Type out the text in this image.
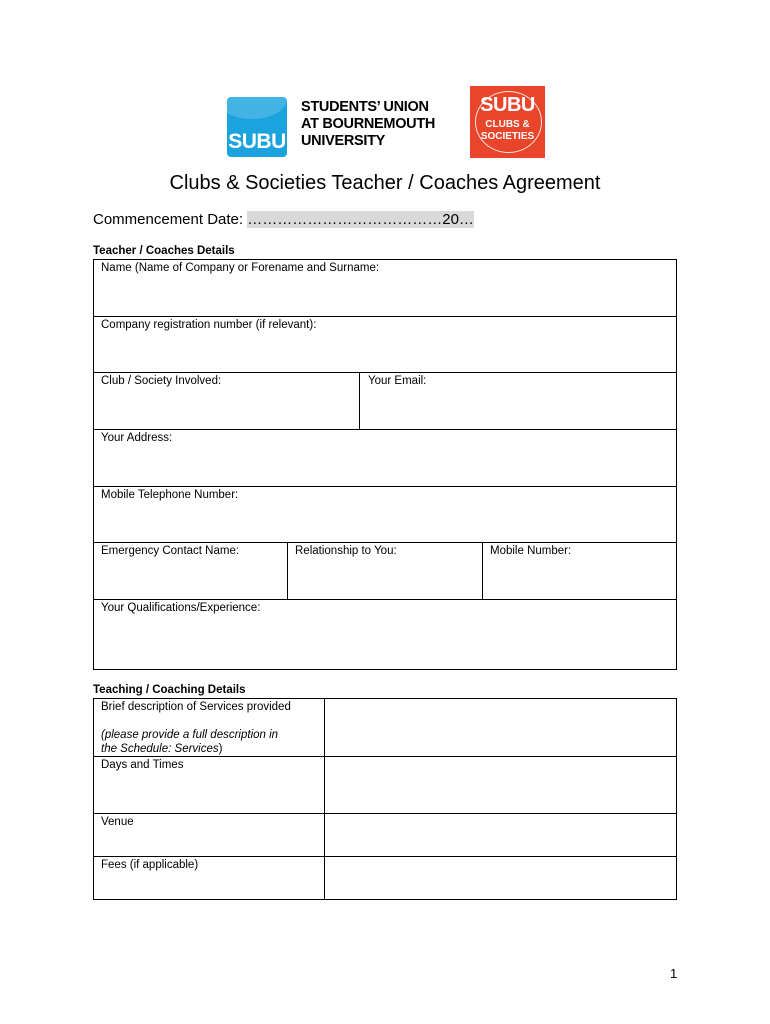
SUBU
STUDENTS’ UNION
AT BOURNEMOUTH
UNIVERSITY
SUBU
CLUBS &
SOCIETIES
Clubs & Societies Teacher / Coaches Agreement
Commencement Date: …………………………………20…
Teacher / Coaches Details
Name (Name of Company or Forename and Surname:
Company registration number (if relevant):
Club / Society Involved:	Your Email:
Your Address:
Mobile Telephone Number:
Emergency Contact Name:	Relationship to You:	Mobile Number:
Your Qualifications/Experience:
Teaching / Coaching Details
Brief description of Services provided
(please provide a full description in
the Schedule: Services)
Days and Times
Venue
Fees (if applicable)
1
